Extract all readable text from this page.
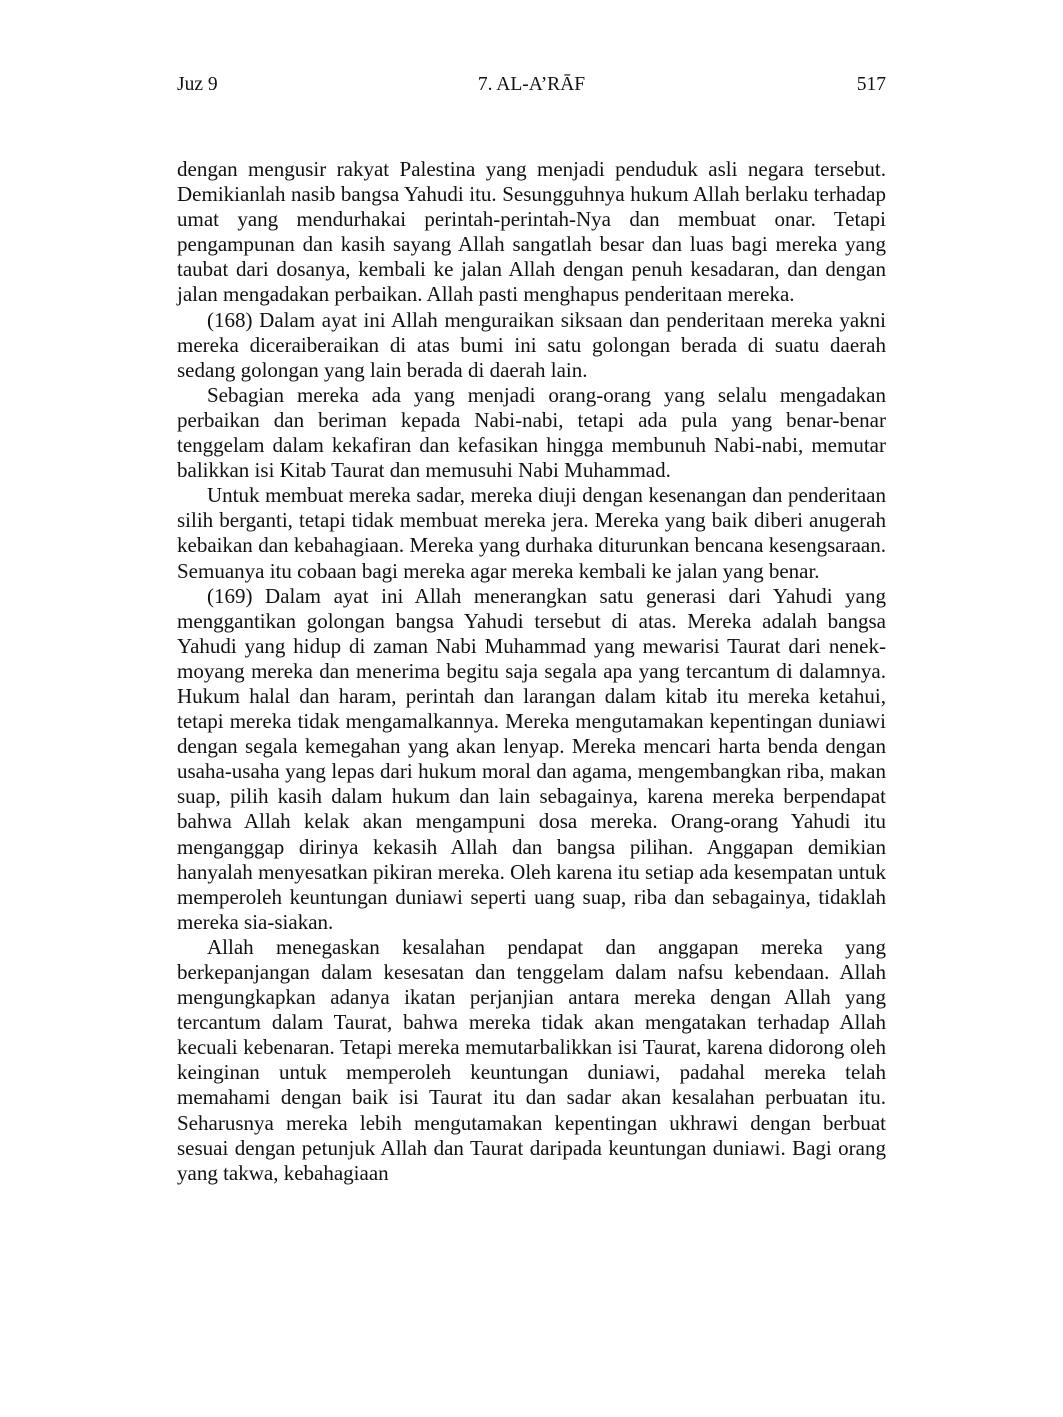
Juz 9	7. AL-A’RĀF	517

dengan mengusir rakyat Palestina yang menjadi penduduk asli negara tersebut. Demikianlah nasib bangsa Yahudi itu. Sesungguhnya hukum Allah berlaku terhadap umat yang mendurhakai perintah-perintah-Nya dan membuat onar. Tetapi pengampunan dan kasih sayang Allah sangatlah besar dan luas bagi mereka yang taubat dari dosanya, kembali ke jalan Allah dengan penuh kesadaran, dan dengan jalan mengadakan perbaikan. Allah pasti menghapus penderitaan mereka.

(168) Dalam ayat ini Allah menguraikan siksaan dan penderitaan mereka yakni mereka diceraiberaikan di atas bumi ini satu golongan berada di suatu daerah sedang golongan yang lain berada di daerah lain.

Sebagian mereka ada yang menjadi orang-orang yang selalu mengadakan perbaikan dan beriman kepada Nabi-nabi, tetapi ada pula yang benar-benar tenggelam dalam kekafiran dan kefasikan hingga membunuh Nabi-nabi, memutar balikkan isi Kitab Taurat dan memusuhi Nabi Muhammad.

Untuk membuat mereka sadar, mereka diuji dengan kesenangan dan penderitaan silih berganti, tetapi tidak membuat mereka jera. Mereka yang baik diberi anugerah kebaikan dan kebahagiaan. Mereka yang durhaka diturunkan bencana kesengsaraan. Semuanya itu cobaan bagi mereka agar mereka kembali ke jalan yang benar.

(169) Dalam ayat ini Allah menerangkan satu generasi dari Yahudi yang menggantikan golongan bangsa Yahudi tersebut di atas. Mereka adalah bangsa Yahudi yang hidup di zaman Nabi Muhammad yang mewarisi Taurat dari nenek-moyang mereka dan menerima begitu saja segala apa yang tercantum di dalamnya. Hukum halal dan haram, perintah dan larangan dalam kitab itu mereka ketahui, tetapi mereka tidak mengamalkannya. Mereka mengutamakan kepentingan duniawi dengan segala kemegahan yang akan lenyap. Mereka mencari harta benda dengan usaha-usaha yang lepas dari hukum moral dan agama, mengembangkan riba, makan suap, pilih kasih dalam hukum dan lain sebagainya, karena mereka berpendapat bahwa Allah kelak akan mengampuni dosa mereka. Orang-orang Yahudi itu menganggap dirinya kekasih Allah dan bangsa pilihan. Anggapan demikian hanyalah menyesatkan pikiran mereka. Oleh karena itu setiap ada kesempatan untuk memperoleh keuntungan duniawi seperti uang suap, riba dan sebagainya, tidaklah mereka sia-siakan.

Allah menegaskan kesalahan pendapat dan anggapan mereka yang berkepanjangan dalam kesesatan dan tenggelam dalam nafsu kebendaan. Allah mengungkapkan adanya ikatan perjanjian antara mereka dengan Allah yang tercantum dalam Taurat, bahwa mereka tidak akan mengatakan terhadap Allah kecuali kebenaran. Tetapi mereka memutarbalikkan isi Taurat, karena didorong oleh keinginan untuk memperoleh keuntungan duniawi, padahal mereka telah memahami dengan baik isi Taurat itu dan sadar akan kesalahan perbuatan itu. Seharusnya mereka lebih mengutamakan kepentingan ukhrawi dengan berbuat sesuai dengan petunjuk Allah dan Taurat daripada keuntungan duniawi. Bagi orang yang takwa, kebahagiaan
